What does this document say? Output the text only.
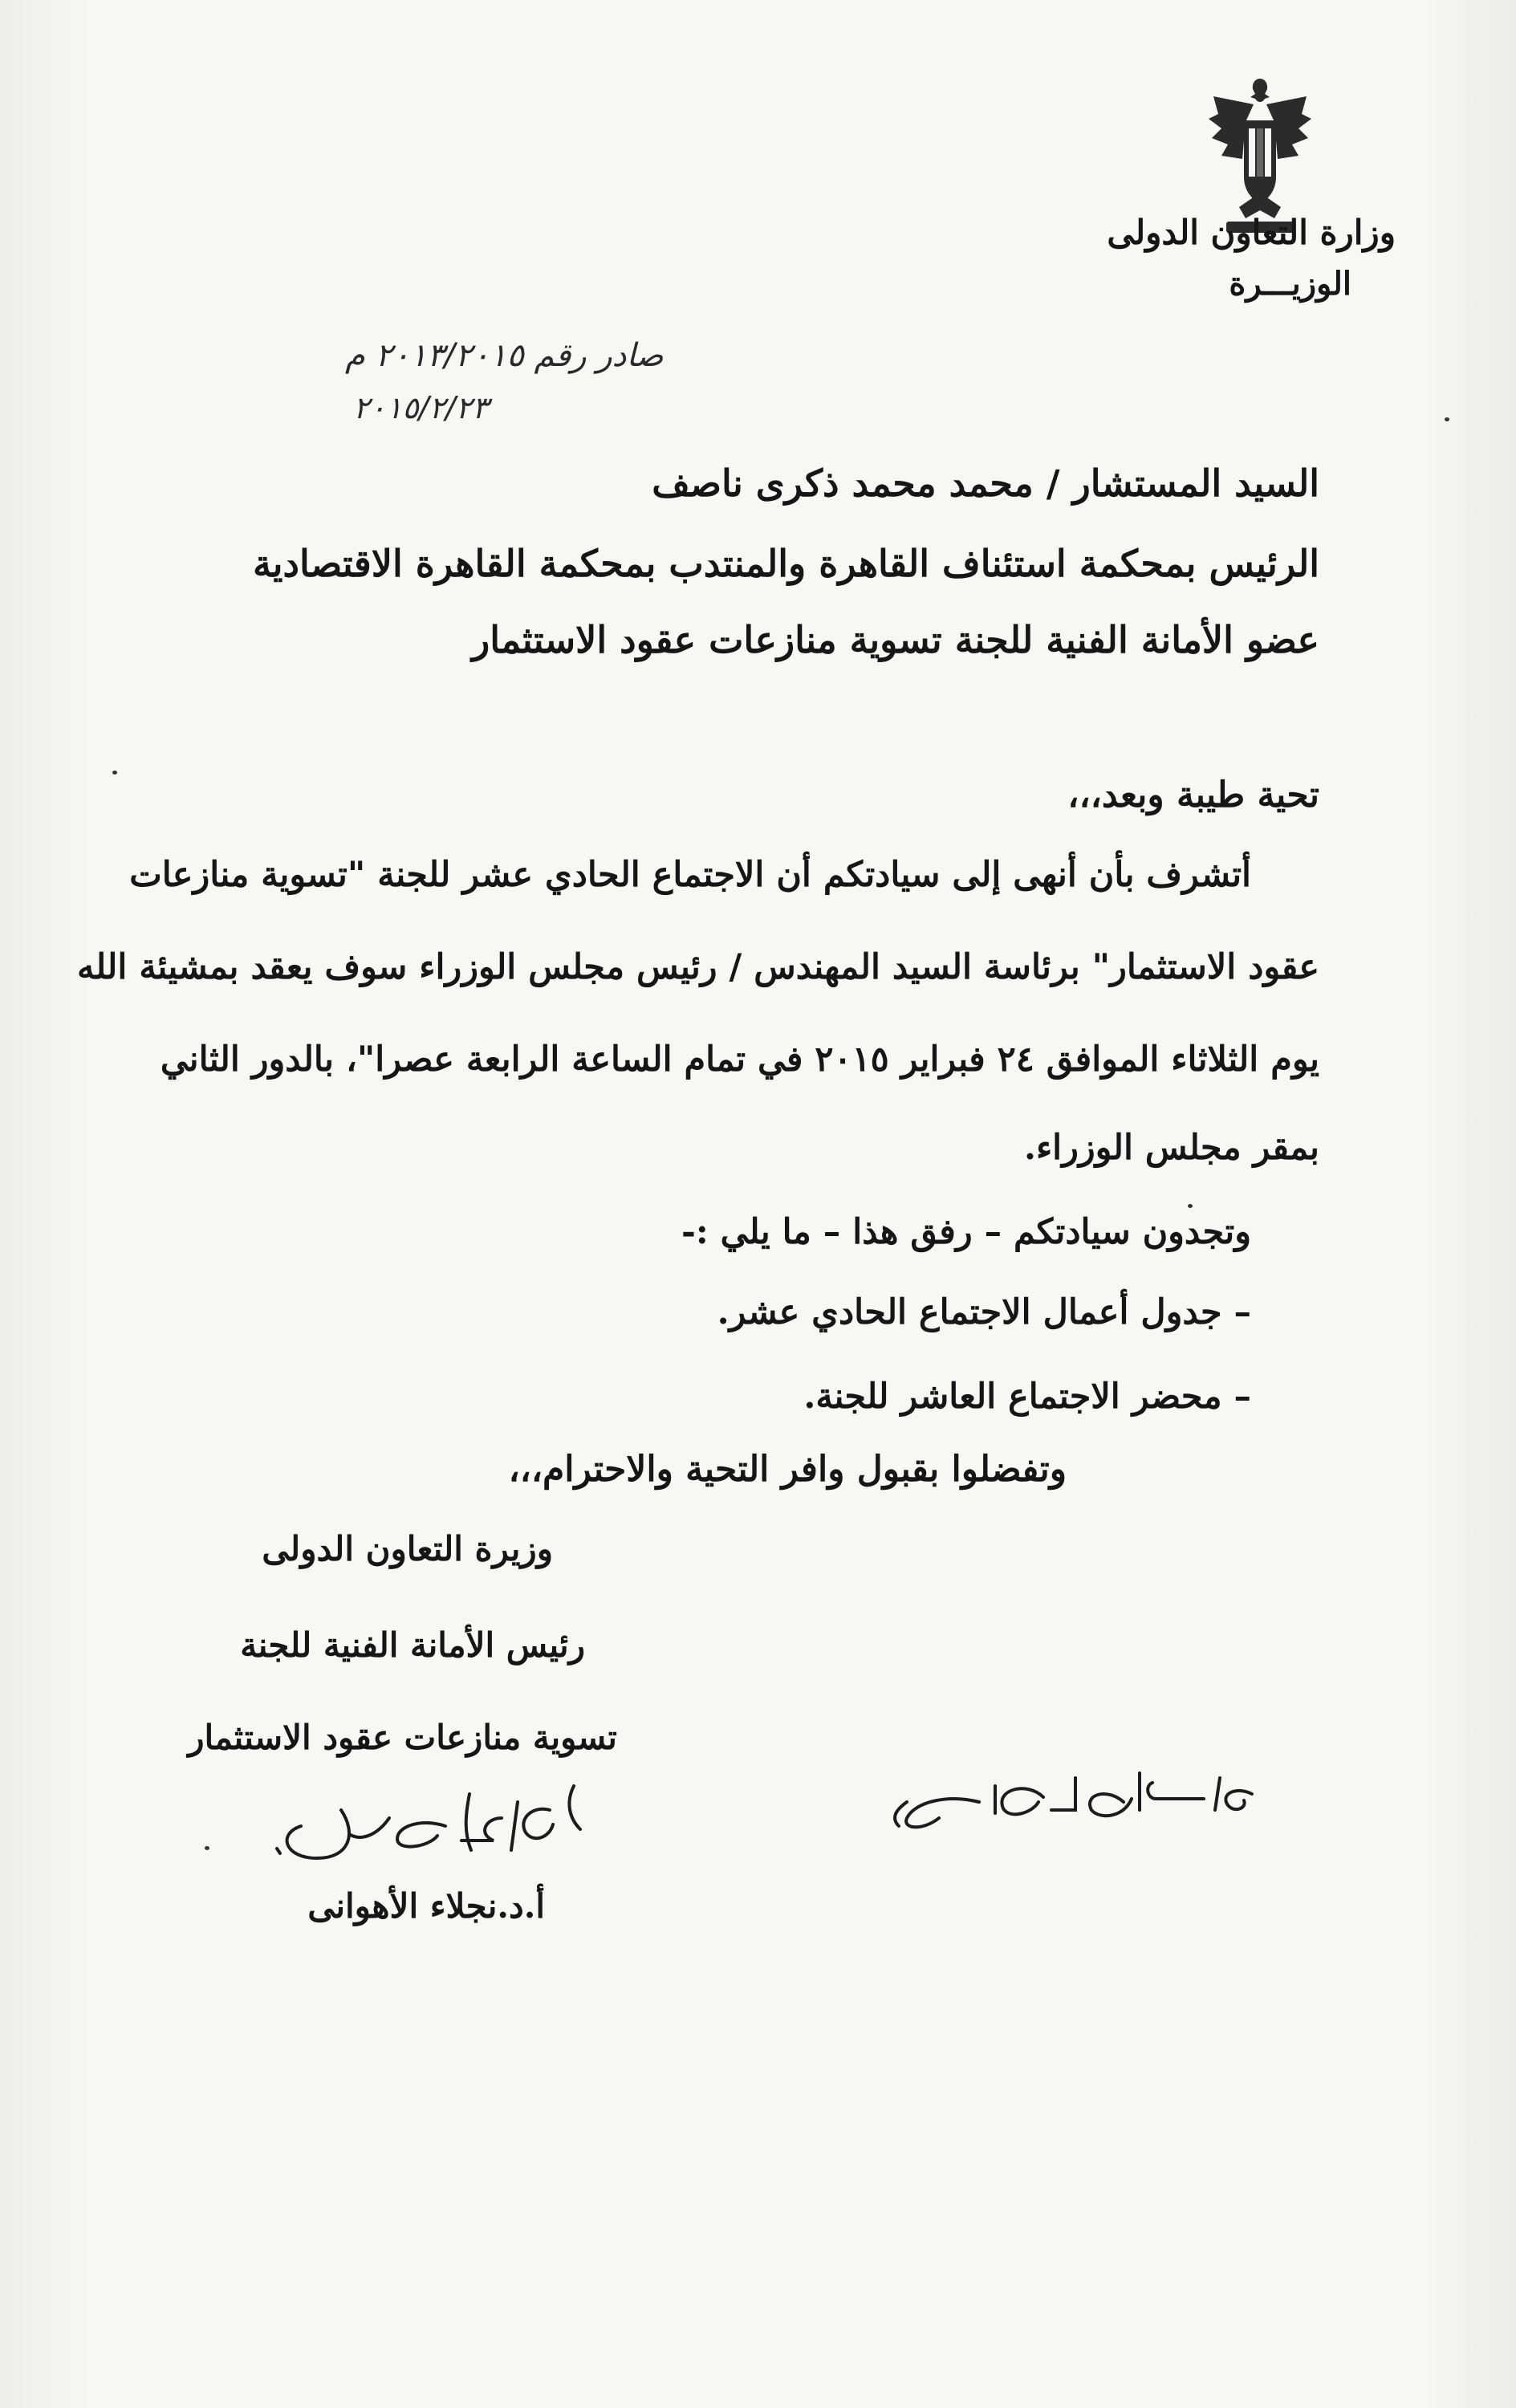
وزارة التعاون الدولى
الوزيـــرة
صادر رقم ٢٠١٣/٢٠١٥ م
٢٠١٥/٢/٢٣
السيد المستشار / محمد محمد ذكرى ناصف
الرئيس بمحكمة استئناف القاهرة والمنتدب بمحكمة القاهرة الاقتصادية
عضو الأمانة الفنية للجنة تسوية منازعات عقود الاستثمار
تحية طيبة وبعد،،،
أتشرف بأن أنهى إلى سيادتكم أن الاجتماع الحادي عشر للجنة "تسوية منازعات
عقود الاستثمار" برئاسة السيد المهندس / رئيس مجلس الوزراء سوف يعقد بمشيئة الله
يوم الثلاثاء الموافق ٢٤ فبراير ٢٠١٥ في تمام الساعة الرابعة عصرا"، بالدور الثاني
بمقر مجلس الوزراء.
وتجدون سيادتكم – رفق هذا – ما يلي :-
– جدول أعمال الاجتماع الحادي عشر.
– محضر الاجتماع العاشر للجنة.
وتفضلوا بقبول وافر التحية والاحترام،،،
وزيرة التعاون الدولى
رئيس الأمانة الفنية للجنة
تسوية منازعات عقود الاستثمار
أ.د.نجلاء الأهوانى
